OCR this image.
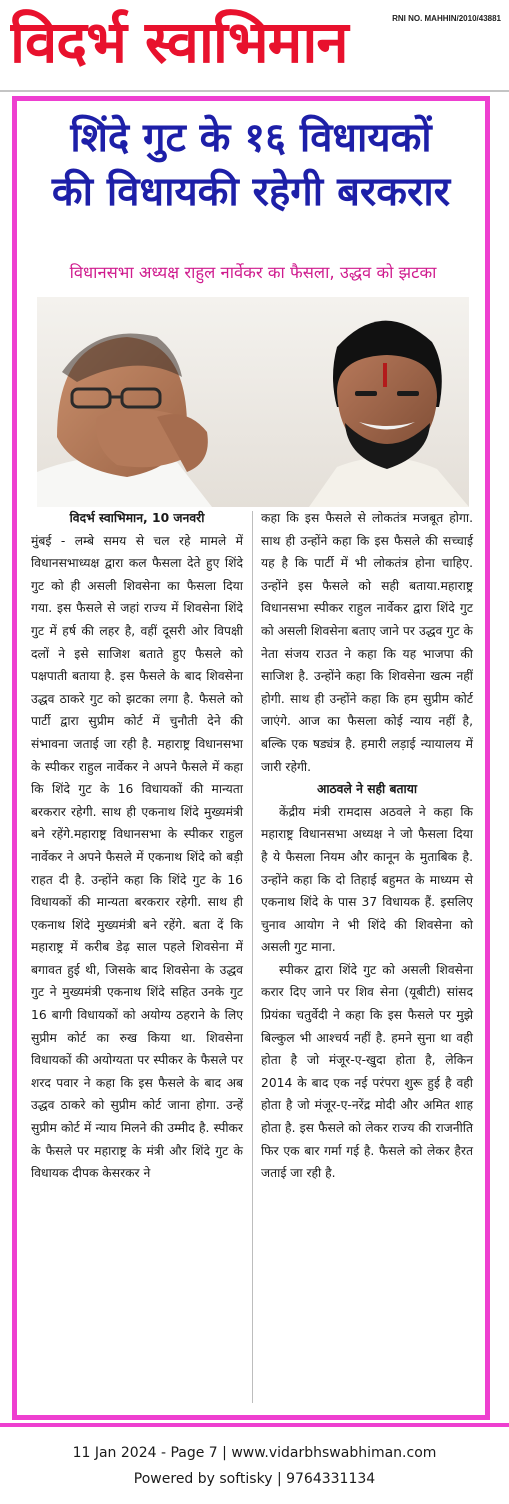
विदर्भ स्वाभिमान	RNI NO. MAHHIN/2010/43881
शिंदे गुट के १६ विधायकों
की विधायकी रहेगी बरकरार
विधानसभा अध्यक्ष राहुल नार्वेकर का फैसला, उद्धव को झटका
विदर्भ स्वाभिमान, 10 जनवरी
मुंबई - लम्बे समय से चल रहे मामले में विधानसभाध्यक्ष द्वारा कल फैसला देते हुए शिंदे गुट को ही असली शिवसेना का फैसला दिया गया. इस फैसले से जहां राज्य में शिवसेना शिंदे गुट में हर्ष की लहर है, वहीं दूसरी ओर विपक्षी दलों ने इसे साजिश बताते हुए फैसले को पक्षपाती बताया है. इस फैसले के बाद शिवसेना उद्धव ठाकरे गुट को झटका लगा है. फैसले को पार्टी द्वारा सुप्रीम कोर्ट में चुनौती देने की संभावना जताई जा रही है. महाराष्ट्र विधानसभा के स्पीकर राहुल नार्वेकर ने अपने फैसले में कहा कि शिंदे गुट के 16 विधायकों की मान्यता बरकरार रहेगी. साथ ही एकनाथ शिंदे मुख्यमंत्री बने रहेंगे.महाराष्ट्र विधानसभा के स्पीकर राहुल नार्वेकर ने अपने फैसले में एकनाथ शिंदे को बड़ी राहत दी है. उन्होंने कहा कि शिंदे गुट के 16 विधायकों की मान्यता बरकरार रहेगी. साथ ही एकनाथ शिंदे मुख्यमंत्री बने रहेंगे. बता दें कि महाराष्ट्र में करीब डेढ़ साल पहले शिवसेना में बगावत हुई थी, जिसके बाद शिवसेना के उद्धव गुट ने मुख्यमंत्री एकनाथ शिंदे सहित उनके गुट 16 बागी विधायकों को अयोग्य ठहराने के लिए सुप्रीम कोर्ट का रुख किया था. शिवसेना विधायकों की अयोग्यता पर स्पीकर के फैसले पर शरद पवार ने कहा कि इस फैसले के बाद अब उद्धव ठाकरे को सुप्रीम कोर्ट जाना होगा. उन्हें सुप्रीम कोर्ट में न्याय मिलने की उम्मीद है. स्पीकर के फैसले पर महाराष्ट्र के मंत्री और शिंदे गुट के विधायक दीपक केसरकर ने
कहा कि इस फैसले से लोकतंत्र मजबूत होगा. साथ ही उन्होंने कहा कि इस फैसले की सच्चाई यह है कि पार्टी में भी लोकतंत्र होना चाहिए. उन्होंने इस फैसले को सही बताया.महाराष्ट्र विधानसभा स्पीकर राहुल नार्वेकर द्वारा शिंदे गुट को असली शिवसेना बताए जाने पर उद्धव गुट के नेता संजय राउत ने कहा कि यह भाजपा की साजिश है. उन्होंने कहा कि शिवसेना खत्म नहीं होगी. साथ ही उन्होंने कहा कि हम सुप्रीम कोर्ट जाएंगे. आज का फैसला कोई न्याय नहीं है, बल्कि एक षड्यंत्र है. हमारी लड़ाई न्यायालय में जारी रहेगी.
आठवले ने सही बताया
केंद्रीय मंत्री रामदास अठवले ने कहा कि महाराष्ट्र विधानसभा अध्यक्ष ने जो फैसला दिया है ये फैसला नियम और कानून के मुताबिक है. उन्होंने कहा कि दो तिहाई बहुमत के माध्यम से एकनाथ शिंदे के पास 37 विधायक हैं. इसलिए चुनाव आयोग ने भी शिंदे की शिवसेना को असली गुट माना.
स्पीकर द्वारा शिंदे गुट को असली शिवसेना करार दिए जाने पर शिव सेना (यूबीटी) सांसद प्रियंका चतुर्वेदी ने कहा कि इस फैसले पर मुझे बिल्कुल भी आश्चर्य नहीं है. हमने सुना था वही होता है जो मंजूर-ए-खुदा होता है, लेकिन 2014 के बाद एक नई परंपरा शुरू हुई है वही होता है जो मंजूर-ए-नरेंद्र मोदी और अमित शाह होता है. इस फैसले को लेकर राज्य की राजनीति फिर एक बार गर्मा गई है. फैसले को लेकर हैरत जताई जा रही है.
11 Jan 2024 - Page 7 | www.vidarbhswabhiman.com
Powered by softisky | 9764331134
